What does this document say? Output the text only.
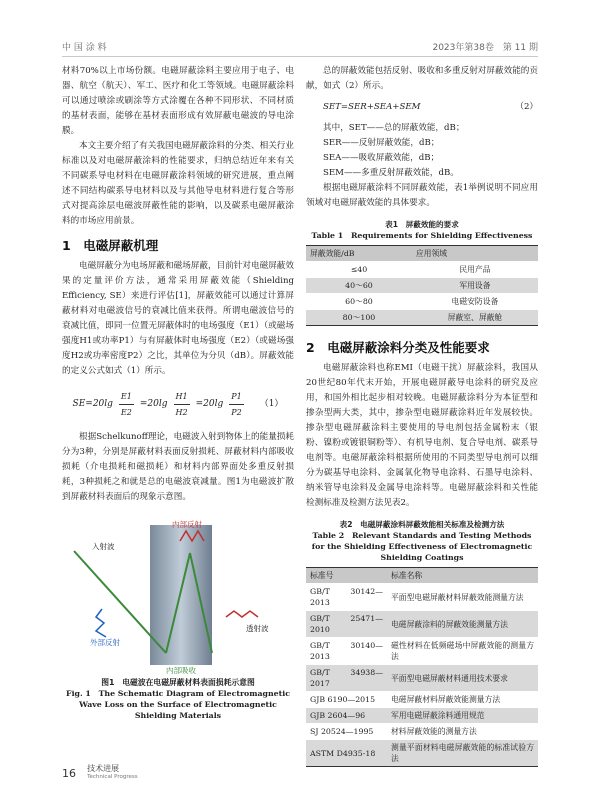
中 国 涂 料	2023年第38卷　第 11 期

材料70%以上市场份额。电磁屏蔽涂料主要应用于电子、电器、航空（航天）、军工、医疗和化工等领域。电磁屏蔽涂料可以通过喷涂或刷涂等方式涂覆在各种不同形状、不同材质的基材表面，能够在基材表面形成有效屏蔽电磁波的导电涂膜。

本文主要介绍了有关我国电磁屏蔽涂料的分类、相关行业标准以及对电磁屏蔽涂料的性能要求，归纳总结近年来有关不同碳系导电材料在电磁屏蔽涂料领域的研究进展，重点阐述不同结构碳系导电材料以及与其他导电材料进行复合等形式对提高涂层电磁波屏蔽性能的影响，以及碳系电磁屏蔽涂料的市场应用前景。

1　电磁屏蔽机理

电磁屏蔽分为电场屏蔽和磁场屏蔽，目前针对电磁屏蔽效果的定量评价方法，通常采用屏蔽效能（Shielding Efficiency, SE）来进行评估[1]，屏蔽效能可以通过计算屏蔽材料对电磁波信号的衰减比值来获得。所谓电磁波信号的衰减比值，即同一位置无屏蔽体时的电场强度（E1）（或磁场强度H1或功率P1）与有屏蔽体时电场强度（E2）（或磁场强度H2或功率密度P2）之比，其单位为分贝（dB）。屏蔽效能的定义公式如式（1）所示。

$SE=20\lg \frac{E1}{E2} =20\lg \frac{H1}{H2} =20\lg \frac{P1}{P2} (1)$

根据Schelkunoff理论，电磁波入射到物体上的能量损耗分为3种，分别是屏蔽材料表面反射损耗、屏蔽材料内部吸收损耗（介电损耗和磁损耗）和材料内部界面处多重反射损耗，3种损耗之和就是总的电磁波衰减量。图1为电磁波扩散到屏蔽材料表面后的现象示意图。

入射波
内部反射
外部反射
透射波
内部吸收
图1　电磁波在电磁屏蔽材料表面损耗示意图
Fig. 1　The Schematic Diagram of Electromagnetic Wave Loss on the Surface of Electromagnetic Shielding Materials

总的屏蔽效能包括反射、吸收和多重反射对屏蔽效能的贡献，如式（2）所示。

SET=SER+SEA+SEM	（2）

其中，SET——总的屏蔽效能，dB；

SER——反射屏蔽效能，dB；

SEA——吸收屏蔽效能，dB；

SEM——多重反射屏蔽效能，dB。

根据电磁屏蔽涂料不同屏蔽效能，表1举例说明不同应用领域对电磁屏蔽效能的具体要求。

表1　屏蔽效能的要求
Table 1　Requirements for Shielding Effectiveness
屏蔽效能/dB	应用领域
≤40	民用产品
40～60	军用设备
60～80	电磁安防设备
80～100	屏蔽室、屏蔽舱
2　电磁屏蔽涂料分类及性能要求

电磁屏蔽涂料也称EMI（电磁干扰）屏蔽涂料，我国从20世纪80年代末开始，开展电磁屏蔽导电涂料的研究及应用，和国外相比起步相对较晚。电磁屏蔽涂料分为本征型和掺杂型两大类，其中，掺杂型电磁屏蔽涂料近年发展较快。掺杂型电磁屏蔽涂料主要使用的导电剂包括金属粉末（银粉、镍粉或镀银铜粉等）、有机导电剂、复合导电剂、碳系导电剂等。电磁屏蔽涂料根据所使用的不同类型导电剂可以细分为碳基导电涂料、金属氧化物导电涂料、石墨导电涂料、纳米管导电涂料及金属导电涂料等。电磁屏蔽涂料和关性能检测标准及检测方法见表2。

表2　电磁屏蔽涂料屏蔽效能相关标准及检测方法
Table 2　Relevant Standards and Testing Methods for the Shielding Effectiveness of Electromagnetic Shielding Coatings
标准号	标准名称
GB/T 30142—2013	平面型电磁屏蔽材料屏蔽效能测量方法
GB/T 25471—2010	电磁屏蔽涂料的屏蔽效能测量方法
GB/T 30140—2013	磁性材料在低频磁场中屏蔽效能的测量方法
GB/T 34938—2017	平面型电磁屏蔽材料通用技术要求
GJB 6190—2015	电磁屏蔽材料屏蔽效能测量方法
GJB 2604—96	军用电磁屏蔽涂料通用规范
SJ 20524—1995	材料屏蔽效能的测量方法
ASTM D4935-18	测量平面材料电磁屏蔽效能的标准试验方法
16 技术进展
Technical Progress
